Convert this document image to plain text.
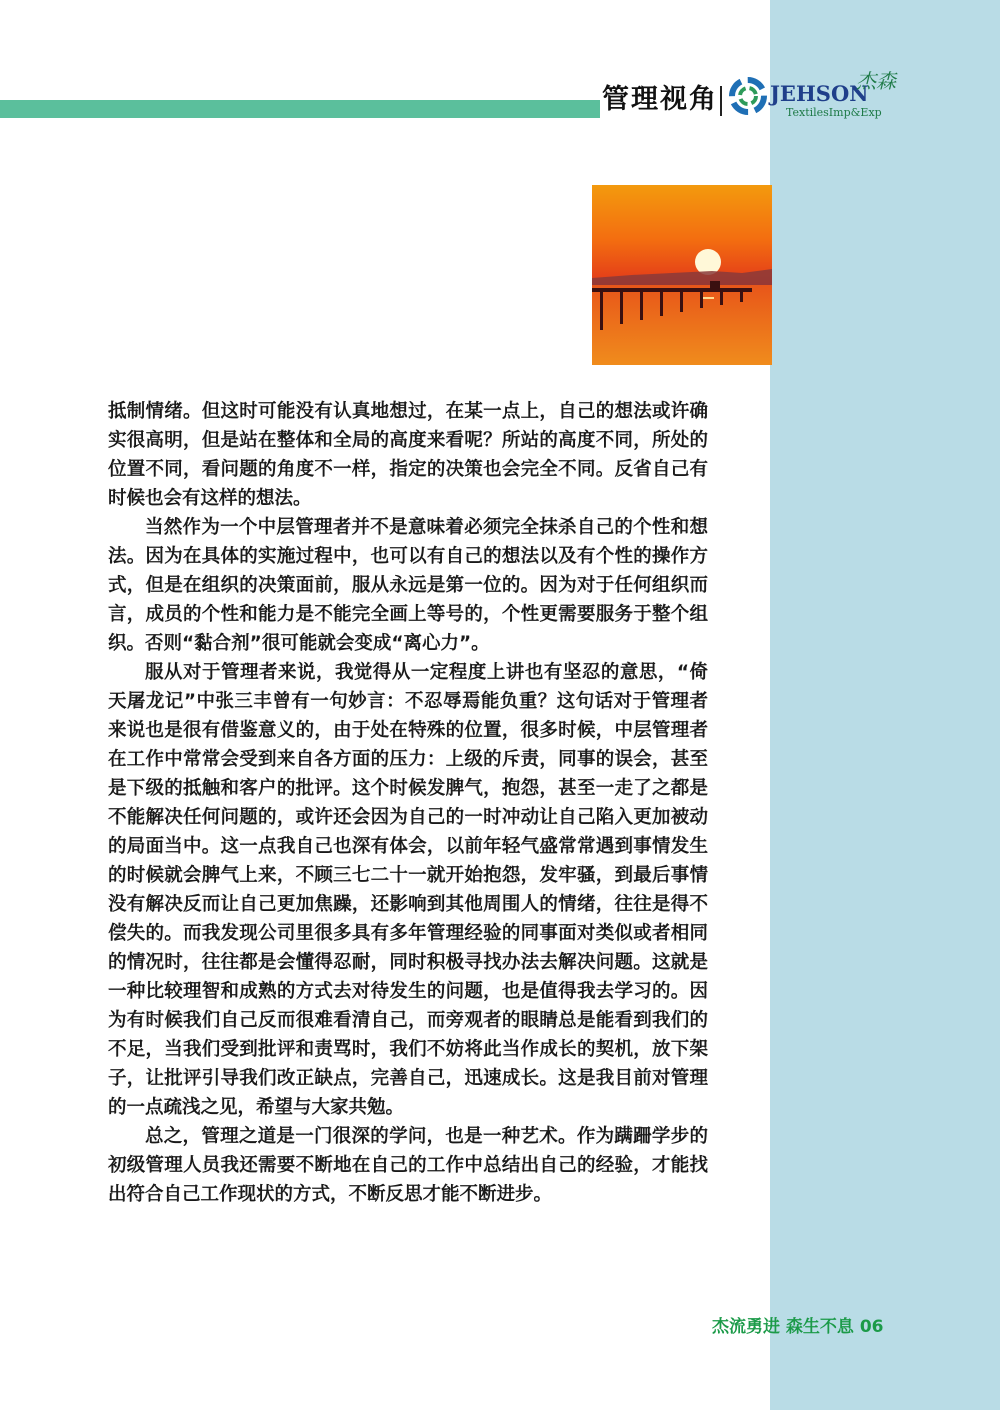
管理视角 JEHSON
杰森
TextilesImp&Exp

抵制情绪。但这时可能没有认真地想过，在某一点上，自己的想法或许确实很高明，但是站在整体和全局的高度来看呢？所站的高度不同，所处的位置不同，看问题的角度不一样，指定的决策也会完全不同。反省自己有时候也会有这样的想法。

当然作为一个中层管理者并不是意味着必须完全抹杀自己的个性和想法。因为在具体的实施过程中，也可以有自己的想法以及有个性的操作方式，但是在组织的决策面前，服从永远是第一位的。因为对于任何组织而言，成员的个性和能力是不能完全画上等号的，个性更需要服务于整个组织。否则“黏合剂”很可能就会变成“离心力”。

服从对于管理者来说，我觉得从一定程度上讲也有坚忍的意思，“倚天屠龙记”中张三丰曾有一句妙言：不忍辱焉能负重？这句话对于管理者来说也是很有借鉴意义的，由于处在特殊的位置，很多时候，中层管理者在工作中常常会受到来自各方面的压力：上级的斥责，同事的误会，甚至是下级的抵触和客户的批评。这个时候发脾气，抱怨，甚至一走了之都是不能解决任何问题的，或许还会因为自己的一时冲动让自己陷入更加被动的局面当中。这一点我自己也深有体会，以前年轻气盛常常遇到事情发生的时候就会脾气上来，不顾三七二十一就开始抱怨，发牢骚，到最后事情没有解决反而让自己更加焦躁，还影响到其他周围人的情绪，往往是得不偿失的。而我发现公司里很多具有多年管理经验的同事面对类似或者相同的情况时，往往都是会懂得忍耐，同时积极寻找办法去解决问题。这就是一种比较理智和成熟的方式去对待发生的问题，也是值得我去学习的。因为有时候我们自己反而很难看清自己，而旁观者的眼睛总是能看到我们的不足，当我们受到批评和责骂时，我们不妨将此当作成长的契机，放下架子，让批评引导我们改正缺点，完善自己，迅速成长。这是我目前对管理的一点疏浅之见，希望与大家共勉。

总之，管理之道是一门很深的学问，也是一种艺术。作为蹒跚学步的初级管理人员我还需要不断地在自己的工作中总结出自己的经验，才能找出符合自己工作现状的方式，不断反思才能不断进步。

杰流勇进 森生不息 06
